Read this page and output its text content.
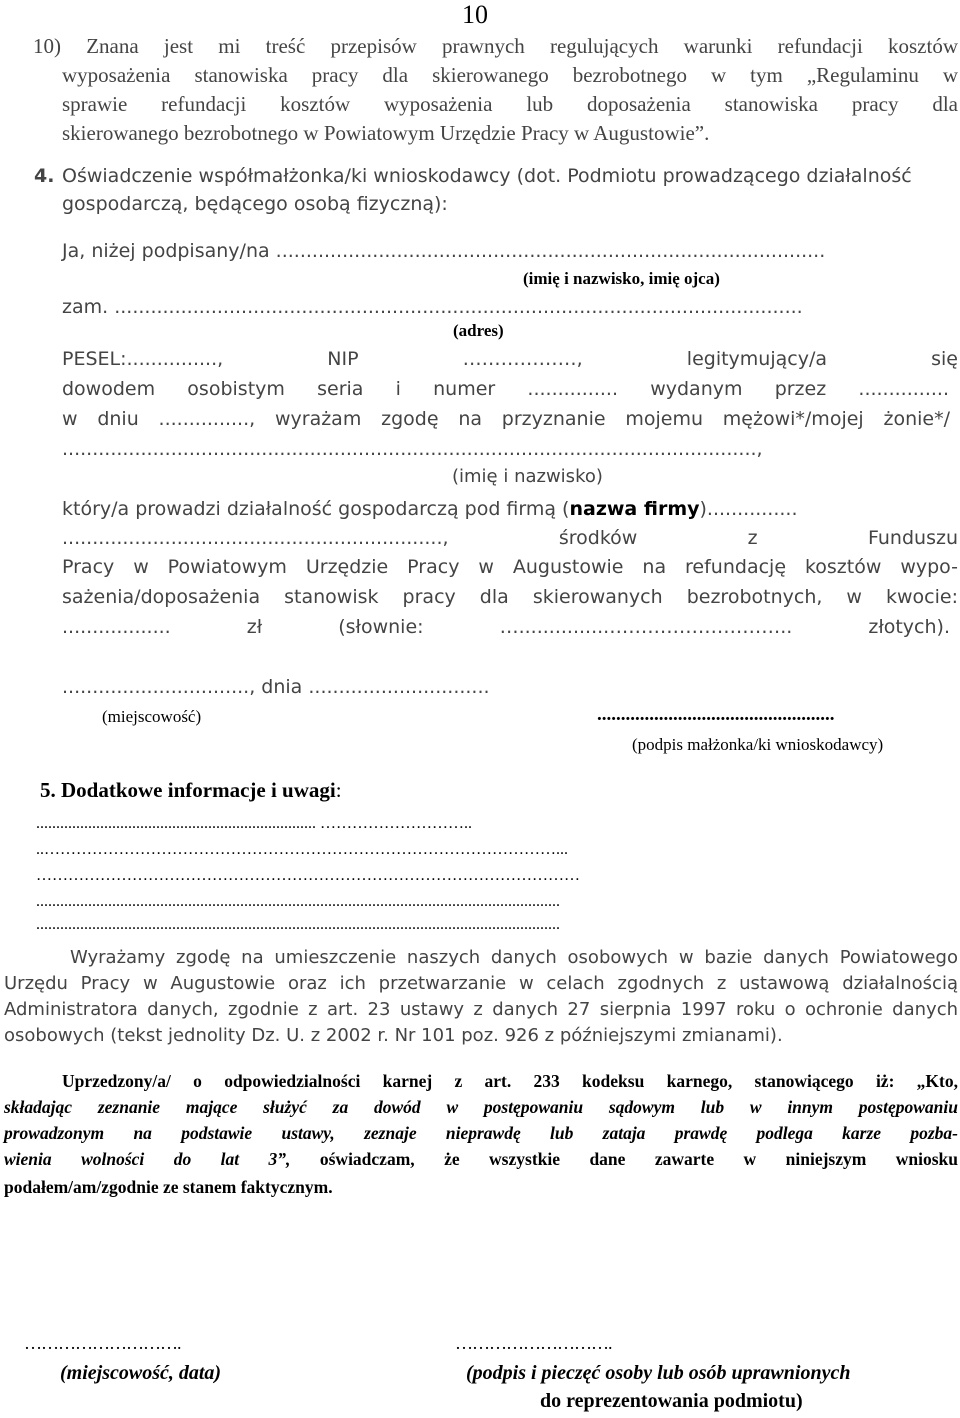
10
10) Znana jest mi treść przepisów prawnych regulujących warunki refundacji kosztów
wyposażenia stanowiska pracy dla skierowanego bezrobotnego w tym „Regulaminu w
sprawie refundacji kosztów wyposażenia lub doposażenia stanowiska pracy dla
skierowanego bezrobotnego w Powiatowym Urzędzie Pracy w Augustowie”.
4. Oświadczenie współmałżonka/ki wnioskodawcy (dot. Podmiotu prowadzącego działalność
gospodarczą, będącego osobą fizyczną):
Ja, niżej podpisany/na ...........................................................................................
(imię i nazwisko, imię ojca)
zam. ..................................................................................................................
(adres)
PESEL:..............., NIP ………………, legitymujący/a się
dowodem osobistym seria i numer ............... wydanym przez ...............
w dniu ..............., wyrażam zgodę na przyznanie mojemu mężowi*/mojej żonie*/
...................................................................................................................,
(imię i nazwisko)
który/a prowadzi działalność gospodarczą pod firmą (nazwa firmy)...............
..............................................................., środków z Funduszu
Pracy w Powiatowym Urzędzie Pracy w Augustowie na refundację kosztów wypo-
sażenia/doposażenia stanowisk pracy dla skierowanych bezrobotnych, w kwocie:
.................. zł (słownie: …...............……………………….. złotych).
..............................., dnia ..............................
(miejscowość)	..................................................
(podpis małżonka/ki wnioskodawcy)
5. Dodatkowe informacje i uwagi:
...................................................................... ………………………..
..……………………………………………………………………………………...
…………………………………………………………………………………………
...................................................................................................................................
...................................................................................................................................
Wyrażamy zgodę na umieszczenie naszych danych osobowych w bazie danych Powiatowego
Urzędu Pracy w Augustowie oraz ich przetwarzanie w celach zgodnych z ustawową działalnością
Administratora danych, zgodnie z art. 23 ustawy z danych 27 sierpnia 1997 roku o ochronie danych
osobowych (tekst jednolity Dz. U. z 2002 r. Nr 101 poz. 926 z późniejszymi zmianami).
Uprzedzony/a/ o odpowiedzialności karnej z art. 233 kodeksu karnego, stanowiącego iż: „Kto,
składając zeznanie mające służyć za dowód w postępowaniu sądowym lub w innym postępowaniu
prowadzonym na podstawie ustawy, zeznaje nieprawdę lub zataja prawdę podlega karze pozba-
wienia wolności do lat 3”, oświadczam, że wszystkie dane zawarte w niniejszym wniosku
podałem/am/zgodnie ze stanem faktycznym.
……………………….
(miejscowość, data)
……………………….
(podpis i pieczęć osoby lub osób uprawnionych
do reprezentowania podmiotu)
